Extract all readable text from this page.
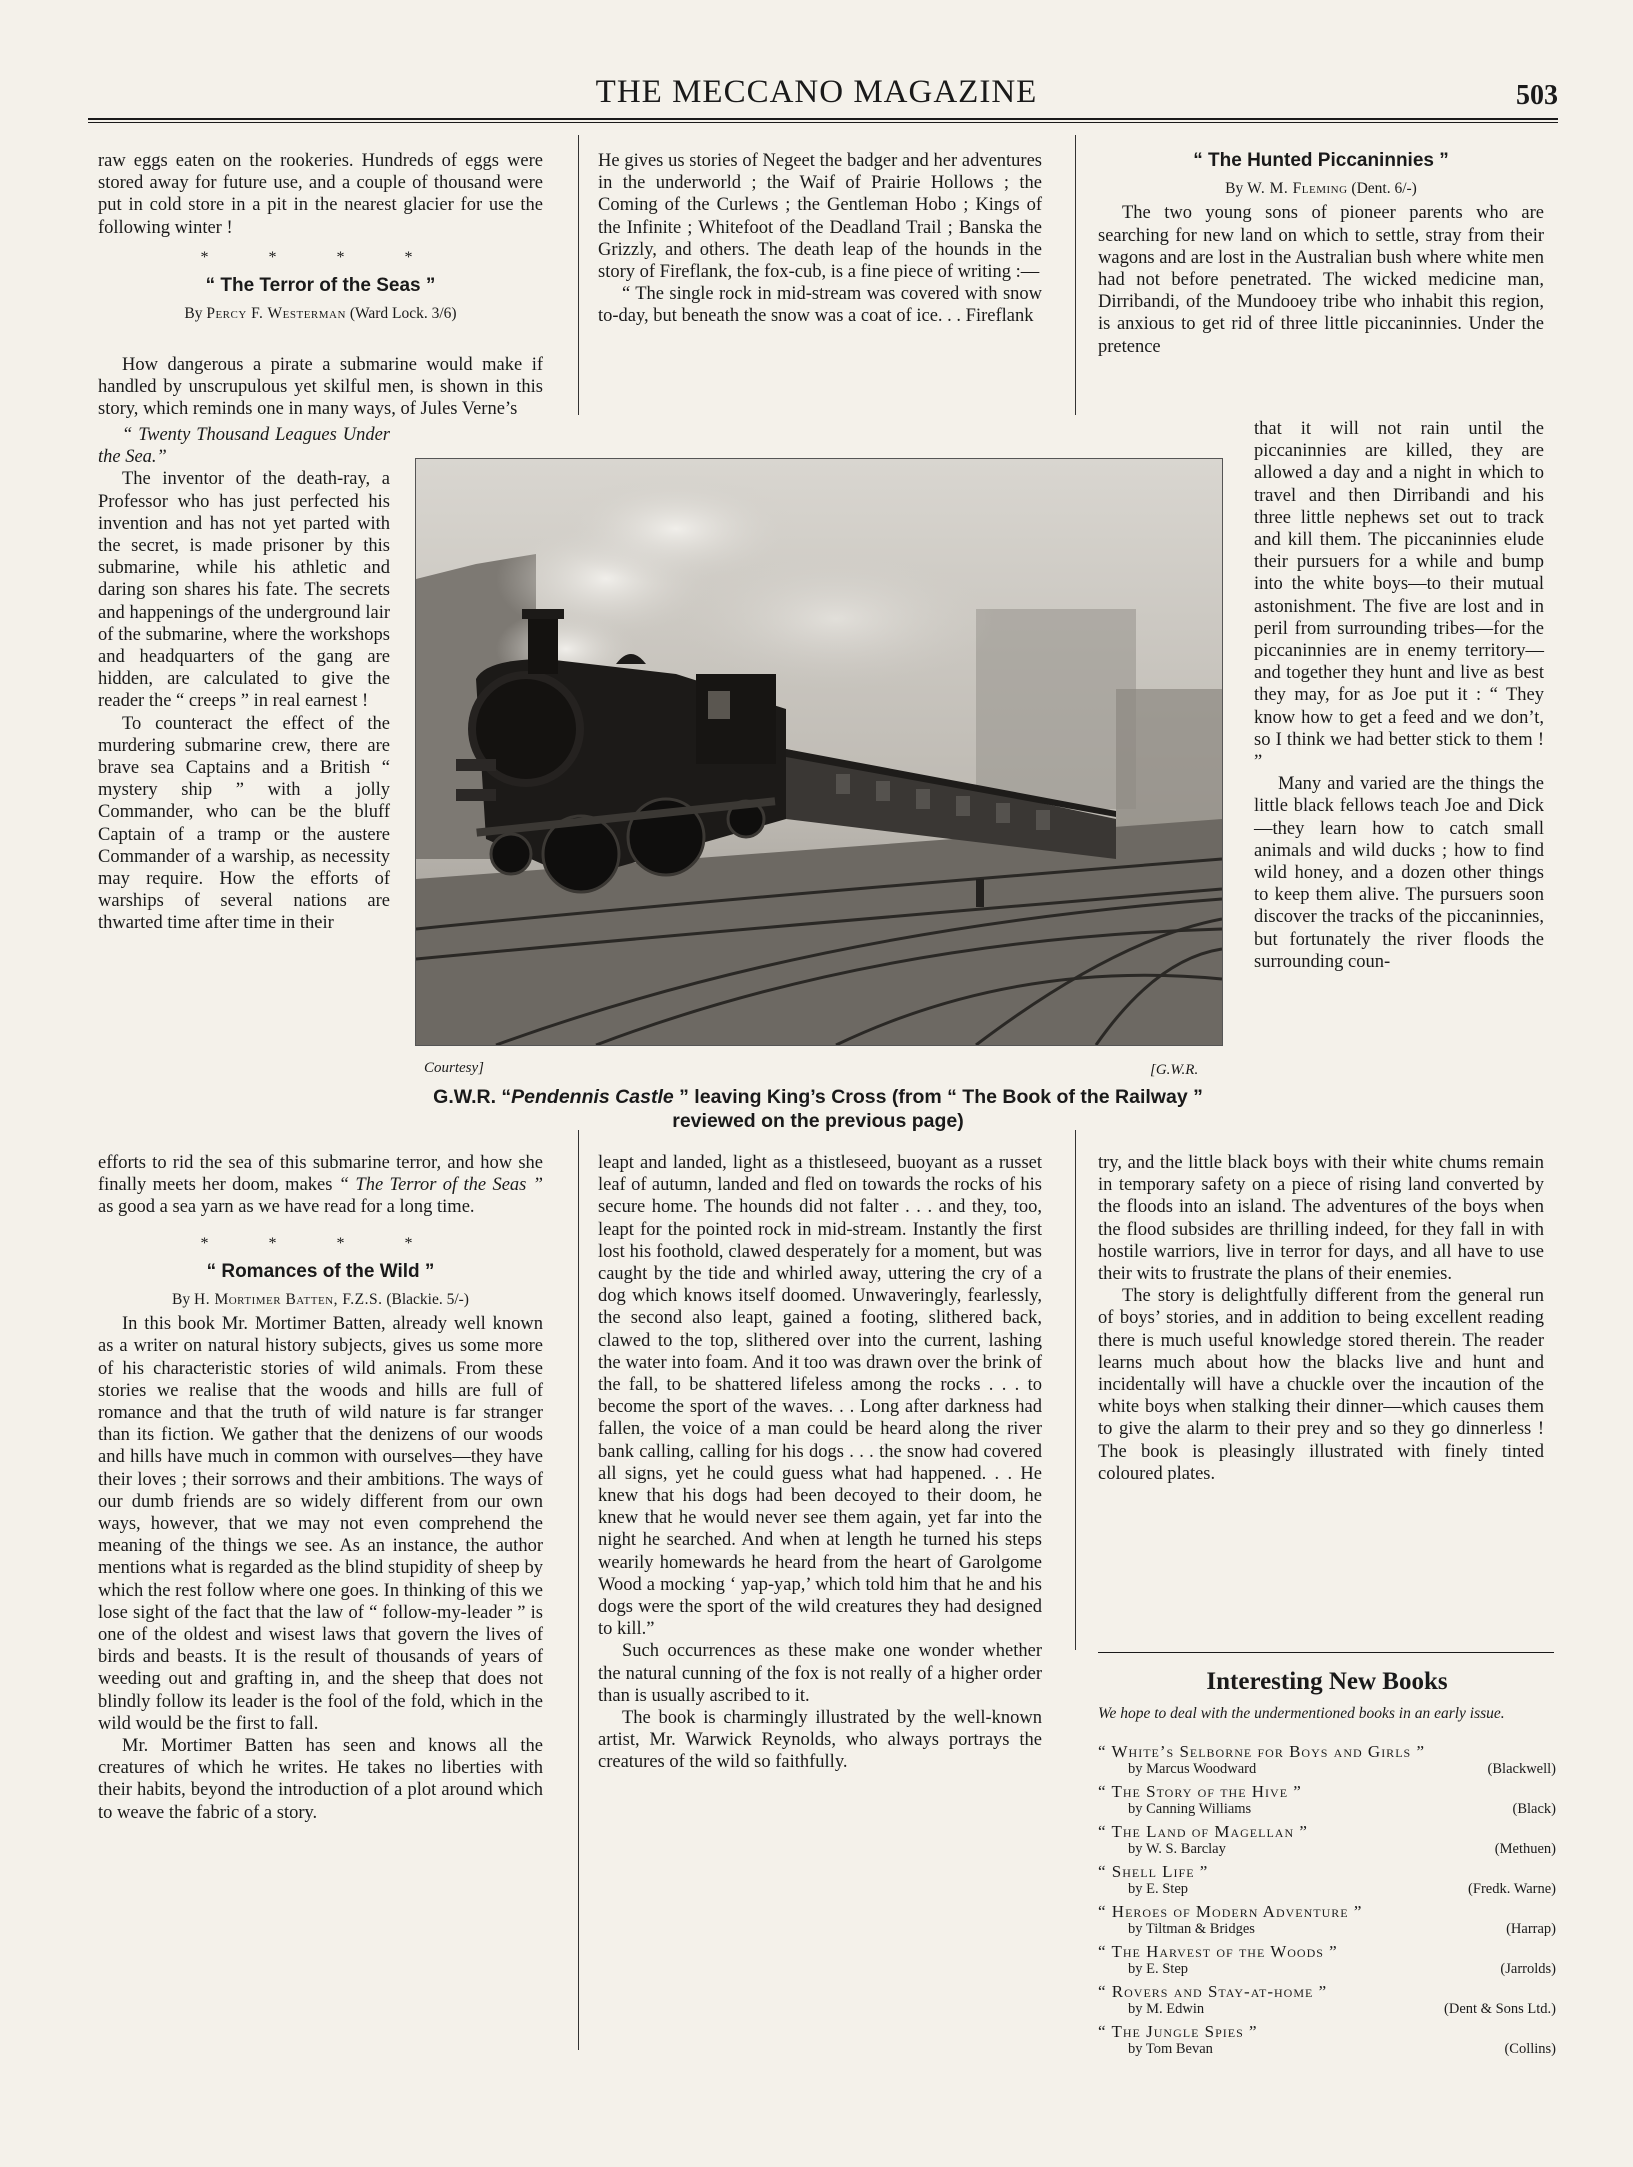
THE MECCANO MAGAZINE	503

raw eggs eaten on the rookeries. Hundreds of eggs were stored away for future use, and a couple of thousand were put in cold store in a pit in the nearest glacier for use the following winter !

* * * *
“ The Terror of the Seas ”
By Percy F. Westerman (Ward Lock. 3/6)

How dangerous a pirate a submarine would make if handled by unscrupulous yet skilful men, is shown in this story, which reminds one in many ways, of Jules Verne’s

“ Twenty Thousand Leagues Under the Sea.”

The inventor of the death-ray, a Professor who has just perfected his invention and has not yet parted with the secret, is made prisoner by this submarine, while his athletic and daring son shares his fate. The secrets and happenings of the underground lair of the submarine, where the workshops and headquarters of the gang are hidden, are calculated to give the reader the “ creeps ” in real earnest !

To counteract the effect of the murdering submarine crew, there are brave sea Captains and a British “ mystery ship ” with a jolly Commander, who can be the bluff Captain of a tramp or the austere Commander of a warship, as necessity may require. How the efforts of warships of several nations are thwarted time after time in their

efforts to rid the sea of this submarine terror, and how she finally meets her doom, makes “ The Terror of the Seas ” as good a sea yarn as we have read for a long time.

* * * *
“ Romances of the Wild ”
By H. Mortimer Batten, F.Z.S. (Blackie. 5/-)

In this book Mr. Mortimer Batten, already well known as a writer on natural history subjects, gives us some more of his characteristic stories of wild animals. From these stories we realise that the woods and hills are full of romance and that the truth of wild nature is far stranger than its fiction. We gather that the denizens of our woods and hills have much in common with ourselves—they have their loves ; their sorrows and their ambitions. The ways of our dumb friends are so widely different from our own ways, however, that we may not even comprehend the meaning of the things we see. As an instance, the author mentions what is regarded as the blind stupidity of sheep by which the rest follow where one goes. In thinking of this we lose sight of the fact that the law of “ follow-my-leader ” is one of the oldest and wisest laws that govern the lives of birds and beasts. It is the result of thousands of years of weeding out and grafting in, and the sheep that does not blindly follow its leader is the fool of the fold, which in the wild would be the first to fall.

Mr. Mortimer Batten has seen and knows all the creatures of which he writes. He takes no liberties with their habits, beyond the introduction of a plot around which to weave the fabric of a story.

He gives us stories of Negeet the badger and her adventures in the underworld ; the Waif of Prairie Hollows ; the Coming of the Curlews ; the Gentleman Hobo ; Kings of the Infinite ; Whitefoot of the Deadland Trail ; Banska the Grizzly, and others. The death leap of the hounds in the story of Fireflank, the fox-cub, is a fine piece of writing :—

“ The single rock in mid-stream was covered with snow to-day, but beneath the snow was a coat of ice. . . Fireflank

leapt and landed, light as a thistleseed, buoyant as a russet leaf of autumn, landed and fled on towards the rocks of his secure home. The hounds did not falter . . . and they, too, leapt for the pointed rock in mid-stream. Instantly the first lost his foothold, clawed desperately for a moment, but was caught by the tide and whirled away, uttering the cry of a dog which knows itself doomed. Unwaveringly, fearlessly, the second also leapt, gained a footing, slithered back, clawed to the top, slithered over into the current, lashing the water into foam. And it too was drawn over the brink of the fall, to be shattered lifeless among the rocks . . . to become the sport of the waves. . . Long after darkness had fallen, the voice of a man could be heard along the river bank calling, calling for his dogs . . . the snow had covered all signs, yet he could guess what had happened. . . He knew that his dogs had been decoyed to their doom, he knew that he would never see them again, yet far into the night he searched. And when at length he turned his steps wearily homewards he heard from the heart of Garolgome Wood a mocking ‘ yap-yap,’ which told him that he and his dogs were the sport of the wild creatures they had designed to kill.”

Such occurrences as these make one wonder whether the natural cunning of the fox is not really of a higher order than is usually ascribed to it.

The book is charmingly illustrated by the well-known artist, Mr. Warwick Reynolds, who always portrays the creatures of the wild so faithfully.

“ The Hunted Piccaninnies ”
By W. M. Fleming (Dent. 6/-)

The two young sons of pioneer parents who are searching for new land on which to settle, stray from their wagons and are lost in the Australian bush where white men had not before penetrated. The wicked medicine man, Dirribandi, of the Mundooey tribe who inhabit this region, is anxious to get rid of three little piccaninnies. Under the pretence

that it will not rain until the piccaninnies are killed, they are allowed a day and a night in which to travel and then Dirribandi and his three little nephews set out to track and kill them. The piccaninnies elude their pursuers for a while and bump into the white boys—to their mutual astonishment. The five are lost and in peril from surrounding tribes—for the piccaninnies are in enemy territory—and together they hunt and live as best they may, for as Joe put it : “ They know how to get a feed and we don’t, so I think we had better stick to them ! ”

Many and varied are the things the little black fellows teach Joe and Dick—they learn how to catch small animals and wild ducks ; how to find wild honey, and a dozen other things to keep them alive. The pursuers soon discover the tracks of the piccaninnies, but fortunately the river floods the surrounding coun-

try, and the little black boys with their white chums remain in temporary safety on a piece of rising land converted by the floods into an island. The adventures of the boys when the flood subsides are thrilling indeed, for they fall in with hostile warriors, live in terror for days, and all have to use their wits to frustrate the plans of their enemies.

The story is delightfully different from the general run of boys’ stories, and in addition to being excellent reading there is much useful knowledge stored therein. The reader learns much about how the blacks live and hunt and incidentally will have a chuckle over the incaution of the white boys when stalking their dinner—which causes them to give the alarm to their prey and so they go dinnerless ! The book is pleasingly illustrated with finely tinted coloured plates.

Courtesy]	[G.W.R.
G.W.R. “Pendennis Castle ” leaving King’s Cross (from “ The Book of the Railway ” reviewed on the previous page)
Interesting New Books
We hope to deal with the undermentioned books in an early issue.
“ White’s Selborne for Boys and Girls ”
by Marcus Woodward	(Blackwell)
“ The Story of the Hive ”
by Canning Williams	(Black)
“ The Land of Magellan ”
by W. S. Barclay	(Methuen)
“ Shell Life ”
by E. Step	(Fredk. Warne)
“ Heroes of Modern Adventure ”
by Tiltman & Bridges	(Harrap)
“ The Harvest of the Woods ”
by E. Step	(Jarrolds)
“ Rovers and Stay-at-home ”
by M. Edwin	(Dent & Sons Ltd.)
“ The Jungle Spies ”
by Tom Bevan	(Collins)
